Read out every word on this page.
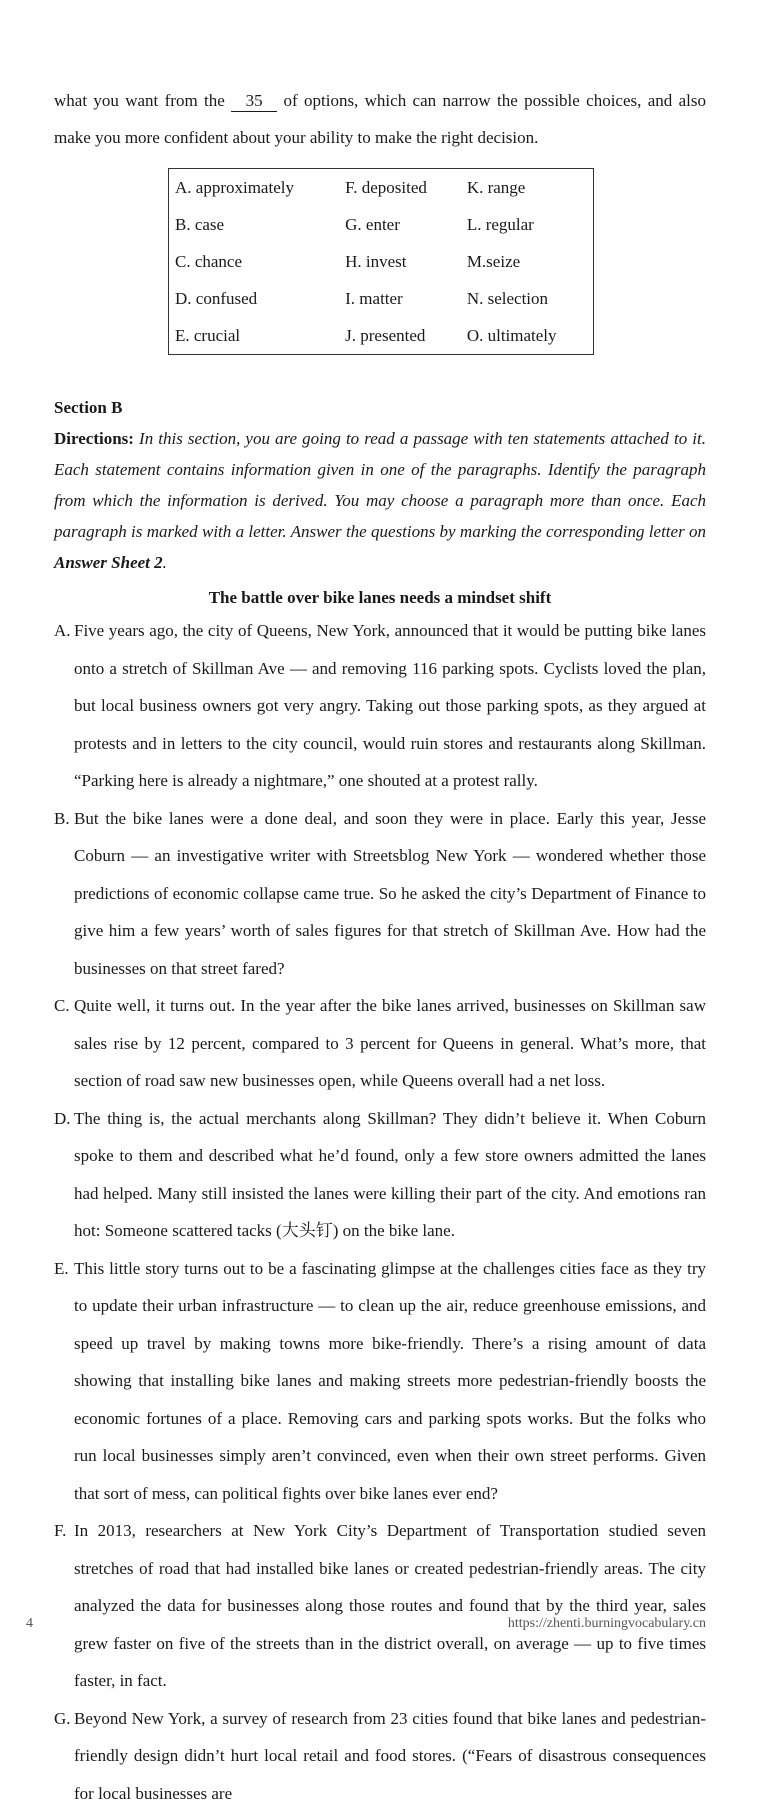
what you want from the 35 of options, which can narrow the possible choices, and also make you more confident about your ability to make the right decision.

A. approximately	F. deposited	K. range
B. case	G. enter	L. regular
C. chance	H. invest	M.seize
D. confused	I. matter	N. selection
E. crucial	J. presented	O. ultimately
Section B

Directions: In this section, you are going to read a passage with ten statements attached to it. Each statement contains information given in one of the paragraphs. Identify the paragraph from which the information is derived. You may choose a paragraph more than once. Each paragraph is marked with a letter. Answer the questions by marking the corresponding letter on Answer Sheet 2.

The battle over bike lanes needs a mindset shift

A. Five years ago, the city of Queens, New York, announced that it would be putting bike lanes onto a stretch of Skillman Ave — and removing 116 parking spots. Cyclists loved the plan, but local business owners got very angry. Taking out those parking spots, as they argued at protests and in letters to the city council, would ruin stores and restaurants along Skillman. “Parking here is already a nightmare,” one shouted at a protest rally.

B. But the bike lanes were a done deal, and soon they were in place. Early this year, Jesse Coburn — an investigative writer with Streetsblog New York — wondered whether those predictions of economic collapse came true. So he asked the city’s Department of Finance to give him a few years’ worth of sales figures for that stretch of Skillman Ave. How had the businesses on that street fared?

C. Quite well, it turns out. In the year after the bike lanes arrived, businesses on Skillman saw sales rise by 12 percent, compared to 3 percent for Queens in general. What’s more, that section of road saw new businesses open, while Queens overall had a net loss.

D. The thing is, the actual merchants along Skillman? They didn’t believe it. When Coburn spoke to them and described what he’d found, only a few store owners admitted the lanes had helped. Many still insisted the lanes were killing their part of the city. And emotions ran hot: Someone scattered tacks (大头钉) on the bike lane.

E. This little story turns out to be a fascinating glimpse at the challenges cities face as they try to update their urban infrastructure — to clean up the air, reduce greenhouse emissions, and speed up travel by making towns more bike-friendly. There’s a rising amount of data showing that installing bike lanes and making streets more pedestrian-friendly boosts the economic fortunes of a place. Removing cars and parking spots works. But the folks who run local businesses simply aren’t convinced, even when their own street performs. Given that sort of mess, can political fights over bike lanes ever end?

F. In 2013, researchers at New York City’s Department of Transportation studied seven stretches of road that had installed bike lanes or created pedestrian-friendly areas. The city analyzed the data for businesses along those routes and found that by the third year, sales grew faster on five of the streets than in the district overall, on average — up to five times faster, in fact.

G. Beyond New York, a survey of research from 23 cities found that bike lanes and pedestrian-friendly design didn’t hurt local retail and food stores. (“Fears of disastrous consequences for local businesses are

4	https://zhenti.burningvocabulary.cn
